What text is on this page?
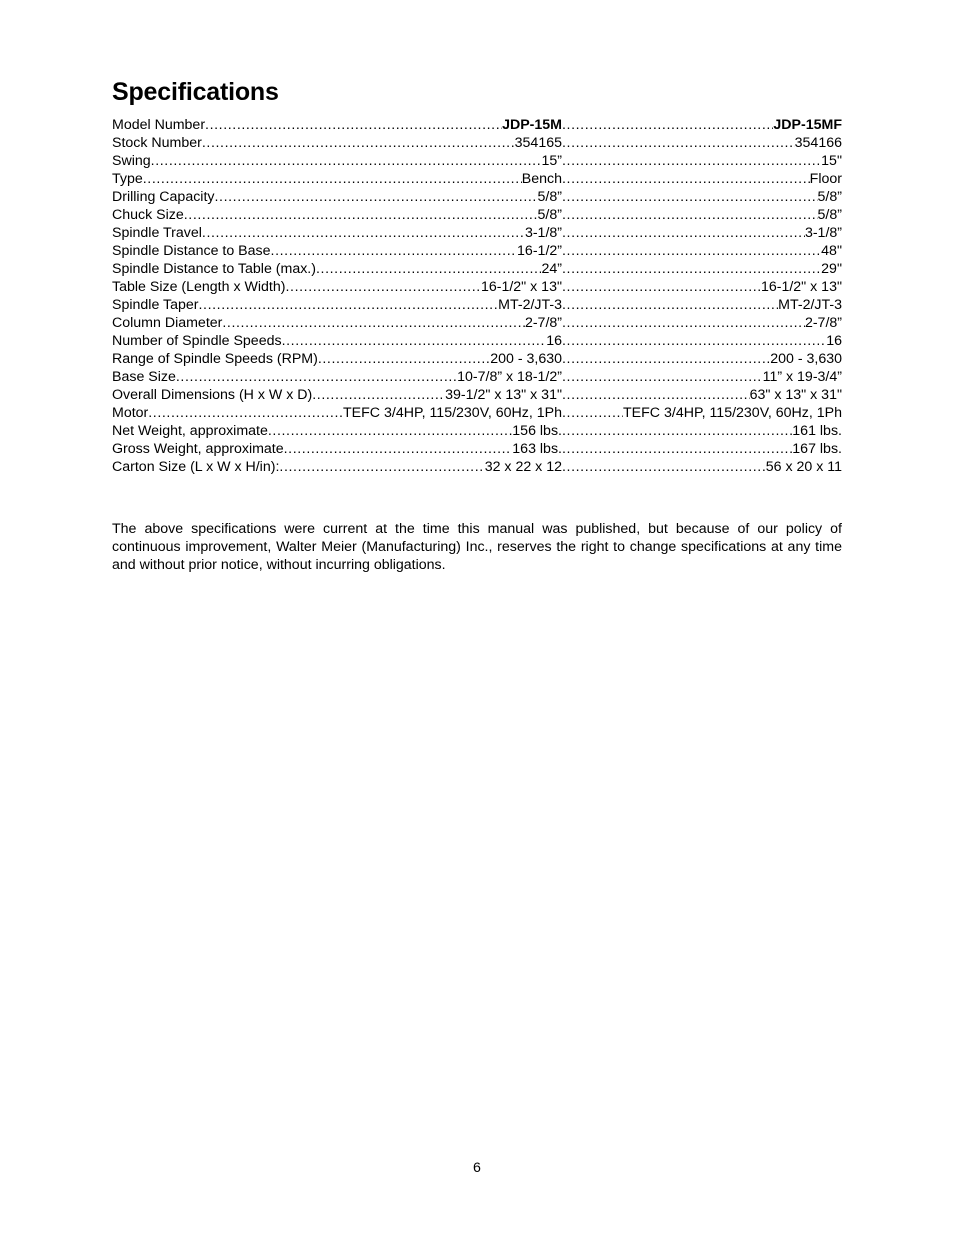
Specifications
Model Number .....	JDP-15M .....	JDP-15MF
Stock Number .....	354165 .....	354166
Swing .....	15” .....	15"
Type .....	Bench .....	Floor
Drilling Capacity .....	5/8” .....	5/8”
Chuck Size .....	5/8” .....	5/8”
Spindle Travel .....	3-1/8” .....	3-1/8”
Spindle Distance to Base .....	16-1/2” .....	48"
Spindle Distance to Table (max.) .....	24” .....	29"
Table Size (Length x Width) .....	16-1/2" x 13" .....	16-1/2" x 13"
Spindle Taper .....	MT-2/JT-3 .....	MT-2/JT-3
Column Diameter .....	2-7/8” .....	2-7/8”
Number of Spindle Speeds .....	16 .....	16
Range of Spindle Speeds (RPM) .....	200 - 3,630 .....	200 - 3,630
Base Size .....	10-7/8” x 18-1/2” .....	11” x 19-3/4”
Overall Dimensions (H x W x D) .....	39-1/2" x 13" x 31" .....	63" x 13" x 31"
Motor .....	TEFC 3/4HP, 115/230V, 60Hz, 1Ph .....	TEFC 3/4HP, 115/230V, 60Hz, 1Ph
Net Weight, approximate .....	156 lbs. .....	161 lbs.
Gross Weight, approximate .....	163 lbs. .....	167 lbs.
Carton Size (L x W x H/in): .....	32 x 22 x 12 .....	56 x 20 x 11

The above specifications were current at the time this manual was published, but because of our policy of continuous improvement, Walter Meier (Manufacturing) Inc., reserves the right to change specifications at any time and without prior notice, without incurring obligations.

6
